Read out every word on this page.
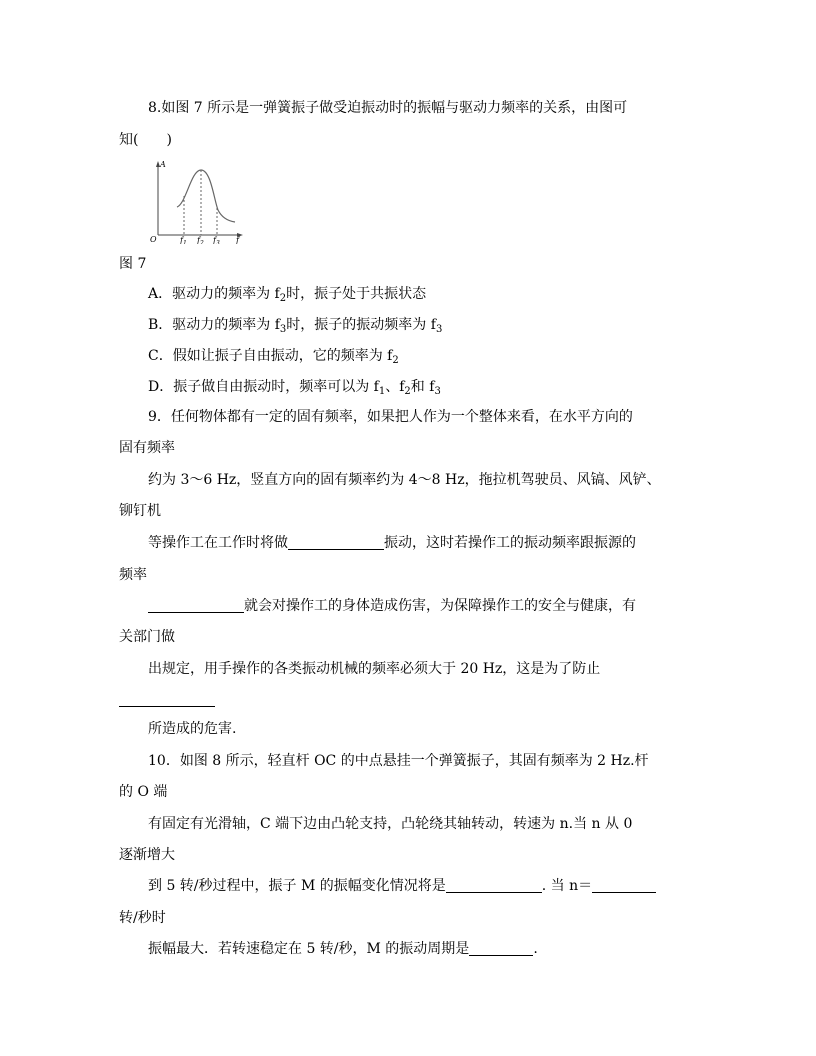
8.如图 7 所示是一弹簧振子做受迫振动时的振幅与驱动力频率的关系，由图可
知(　　)
A
O	f
$f_1$ $f_2$ $f_3$
图 7
A．驱动力的频率为 $f_2$时，振子处于共振状态
B．驱动力的频率为 $f_3$时，振子的振动频率为 $f_3$
C．假如让振子自由振动，它的频率为 $f_2$
D．振子做自由振动时，频率可以为 $f_1$、$f_2$和 $f_3$
9．任何物体都有一定的固有频率，如果把人作为一个整体来看，在水平方向的
固有频率
约为 3～6 Hz，竖直方向的固有频率约为 4～8 Hz，拖拉机驾驶员、风镐、风铲、
铆钉机
等操作工在工作时将做	振动，这时若操作工的振动频率跟振源的
频率
就会对操作工的身体造成伤害，为保障操作工的安全与健康，有
关部门做
出规定，用手操作的各类振动机械的频率必须大于 20 Hz，这是为了防止
所造成的危害.
10．如图 8 所示，轻直杆 OC 的中点悬挂一个弹簧振子，其固有频率为 2 Hz.杆
的 O 端
有固定有光滑轴，C 端下边由凸轮支持，凸轮绕其轴转动，转速为 n.当 n 从 0
逐渐增大
到 5 转/秒过程中，振子 M 的振幅变化情况将是	. 当 n＝
转/秒时
振幅最大．若转速稳定在 5 转/秒，M 的振动周期是	.
